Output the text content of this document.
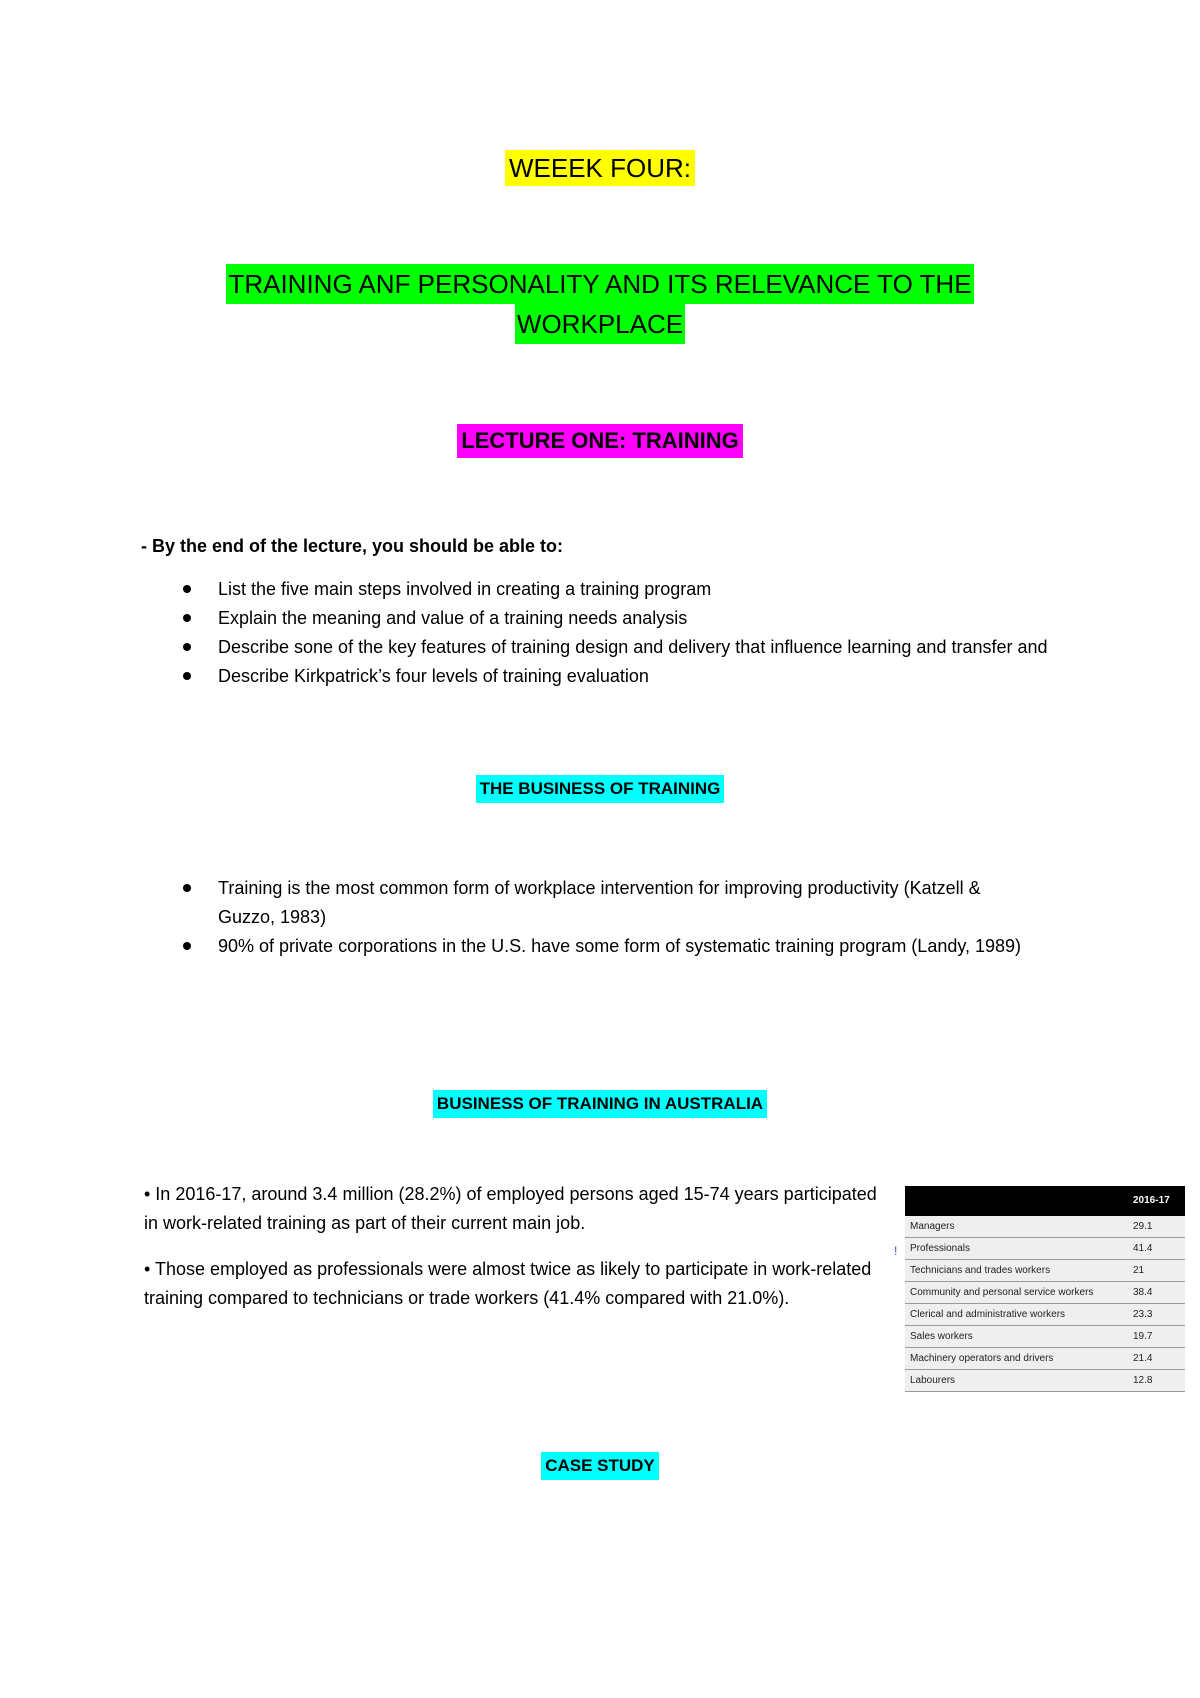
WEEEK FOUR:
TRAINING ANF PERSONALITY AND ITS RELEVANCE TO THE
WORKPLACE
LECTURE ONE: TRAINING
- By the end of the lecture, you should be able to:
List the five main steps involved in creating a training program
Explain the meaning and value of a training needs analysis
Describe sone of the key features of training design and delivery that influence learning and transfer and
Describe Kirkpatrick’s four levels of training evaluation
THE BUSINESS OF TRAINING
Training is the most common form of workplace intervention for improving productivity (Katzell & Guzzo, 1983)
90% of private corporations in the U.S. have some form of systematic training program (Landy, 1989)
BUSINESS OF TRAINING IN AUSTRALIA

• In 2016-17, around 3.4 million (28.2%) of employed persons aged 15-74 years participated in work-related training as part of their current main job.

• Those employed as professionals were almost twice as likely to participate in work-related training compared to technicians or trade workers (41.4% compared with 21.0%).

!
2016-17
Managers	29.1
Professionals	41.4
Technicians and trades workers	21
Community and personal service workers	38.4
Clerical and administrative workers	23.3
Sales workers	19.7
Machinery operators and drivers	21.4
Labourers	12.8
CASE STUDY
